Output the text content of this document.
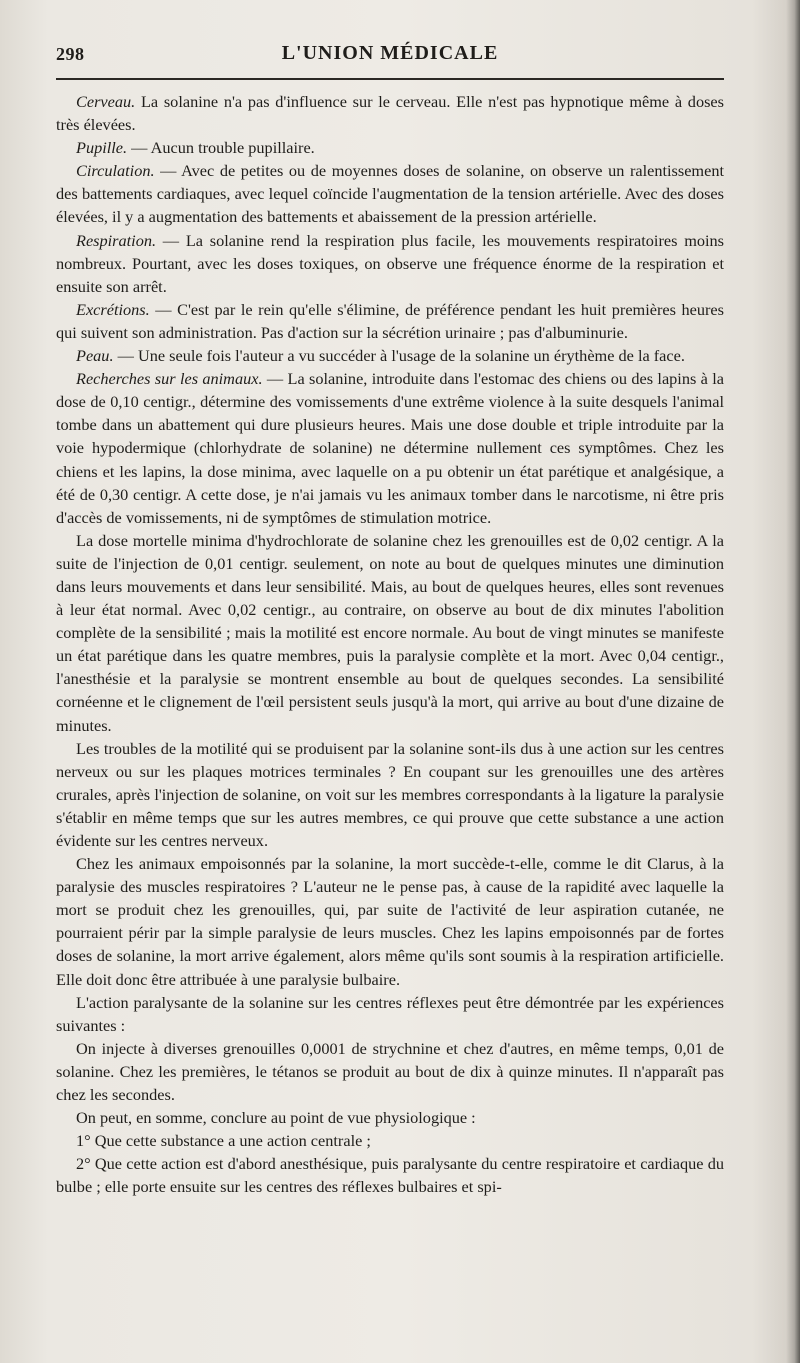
298	L'UNION MÉDICALE

Cerveau. La solanine n'a pas d'influence sur le cerveau. Elle n'est pas hypnotique même à doses très élevées.

Pupille. — Aucun trouble pupillaire.

Circulation. — Avec de petites ou de moyennes doses de solanine, on observe un ralentissement des battements cardiaques, avec lequel coïncide l'augmentation de la tension artérielle. Avec des doses élevées, il y a augmentation des battements et abaissement de la pression artérielle.

Respiration. — La solanine rend la respiration plus facile, les mouvements respiratoires moins nombreux. Pourtant, avec les doses toxiques, on observe une fréquence énorme de la respiration et ensuite son arrêt.

Excrétions. — C'est par le rein qu'elle s'élimine, de préférence pendant les huit premières heures qui suivent son administration. Pas d'action sur la sécrétion urinaire ; pas d'albuminurie.

Peau. — Une seule fois l'auteur a vu succéder à l'usage de la solanine un érythème de la face.

Recherches sur les animaux. — La solanine, introduite dans l'estomac des chiens ou des lapins à la dose de 0,10 centigr., détermine des vomissements d'une extrême violence à la suite desquels l'animal tombe dans un abattement qui dure plusieurs heures. Mais une dose double et triple introduite par la voie hypodermique (chlorhydrate de solanine) ne détermine nullement ces symptômes. Chez les chiens et les lapins, la dose minima, avec laquelle on a pu obtenir un état parétique et analgésique, a été de 0,30 centigr. A cette dose, je n'ai jamais vu les animaux tomber dans le narcotisme, ni être pris d'accès de vomissements, ni de symptômes de stimulation motrice.

La dose mortelle minima d'hydrochlorate de solanine chez les grenouilles est de 0,02 centigr. A la suite de l'injection de 0,01 centigr. seulement, on note au bout de quelques minutes une diminution dans leurs mouvements et dans leur sensibilité. Mais, au bout de quelques heures, elles sont revenues à leur état normal. Avec 0,02 centigr., au contraire, on observe au bout de dix minutes l'abolition complète de la sensibilité ; mais la motilité est encore normale. Au bout de vingt minutes se manifeste un état parétique dans les quatre membres, puis la paralysie complète et la mort. Avec 0,04 centigr., l'anesthésie et la paralysie se montrent ensemble au bout de quelques secondes. La sensibilité cornéenne et le clignement de l'œil persistent seuls jusqu'à la mort, qui arrive au bout d'une dizaine de minutes.

Les troubles de la motilité qui se produisent par la solanine sont-ils dus à une action sur les centres nerveux ou sur les plaques motrices terminales ? En coupant sur les grenouilles une des artères crurales, après l'injection de solanine, on voit sur les membres correspondants à la ligature la paralysie s'établir en même temps que sur les autres membres, ce qui prouve que cette substance a une action évidente sur les centres nerveux.

Chez les animaux empoisonnés par la solanine, la mort succède-t-elle, comme le dit Clarus, à la paralysie des muscles respiratoires ? L'auteur ne le pense pas, à cause de la rapidité avec laquelle la mort se produit chez les grenouilles, qui, par suite de l'activité de leur aspiration cutanée, ne pourraient périr par la simple paralysie de leurs muscles. Chez les lapins empoisonnés par de fortes doses de solanine, la mort arrive également, alors même qu'ils sont soumis à la respiration artificielle. Elle doit donc être attribuée à une paralysie bulbaire.

L'action paralysante de la solanine sur les centres réflexes peut être démontrée par les expériences suivantes :

On injecte à diverses grenouilles 0,0001 de strychnine et chez d'autres, en même temps, 0,01 de solanine. Chez les premières, le tétanos se produit au bout de dix à quinze minutes. Il n'apparaît pas chez les secondes.

On peut, en somme, conclure au point de vue physiologique :

1° Que cette substance a une action centrale ;

2° Que cette action est d'abord anesthésique, puis paralysante du centre respiratoire et cardiaque du bulbe ; elle porte ensuite sur les centres des réflexes bulbaires et spi-
